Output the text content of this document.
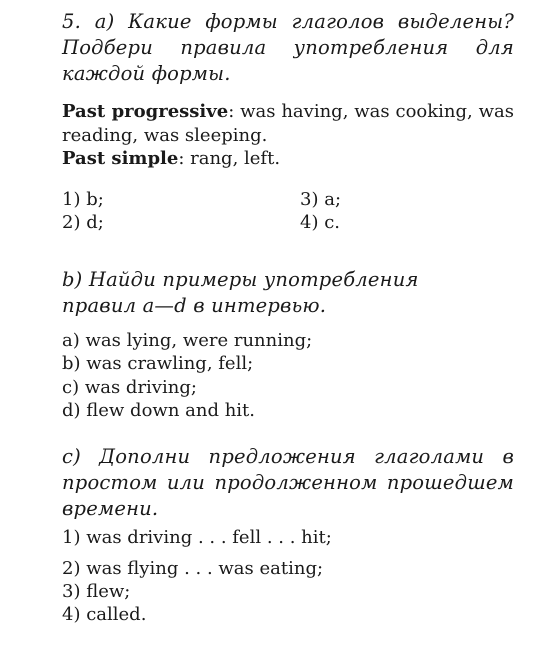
5. a) Какие формы глаголов выделены? Подбери правила употребления для каждой формы.
Past progressive: was having, was cooking, was reading, was sleeping.
Past simple: rang, left.
1) b;
2) d;
3) a;
4) c.
b) Найди примеры употребления правил a—d в интервью.
a) was lying, were running;
b) was crawling, fell;
c) was driving;
d) flew down and hit.
c) Дополни предложения глаголами в простом или продолженном прошедшем времени.
1) was driving . . . fell . . . hit;
2) was flying . . . was eating;
3) flew;
4) called.
